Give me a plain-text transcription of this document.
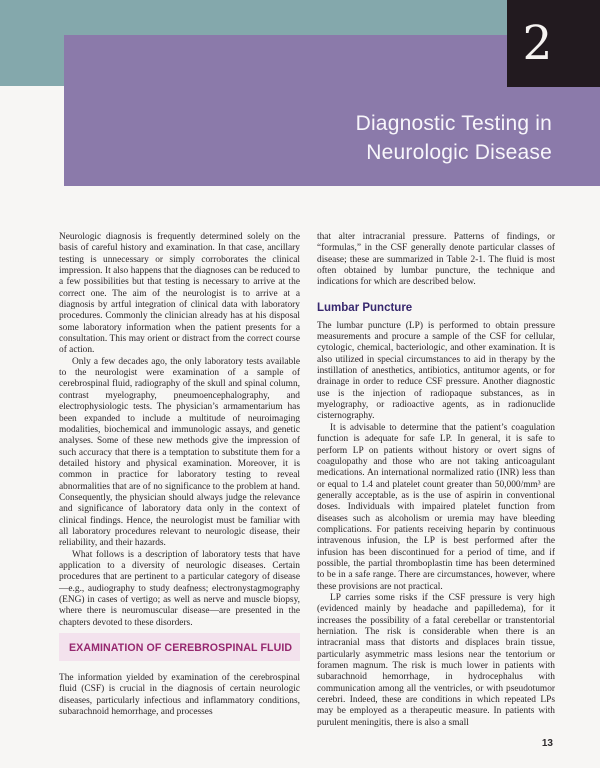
Diagnostic Testing in
Neurologic Disease
2

Neurologic diagnosis is frequently determined solely on the basis of careful history and examination. In that case, ancillary testing is unnecessary or simply corroborates the clinical impression. It also happens that the diagnoses can be reduced to a few possibilities but that testing is necessary to arrive at the correct one. The aim of the neurologist is to arrive at a diagnosis by artful integration of clinical data with laboratory procedures. Commonly the clinician already has at his disposal some laboratory information when the patient presents for a consultation. This may orient or distract from the correct course of action.

Only a few decades ago, the only laboratory tests available to the neurologist were examination of a sample of cerebrospinal fluid, radiography of the skull and spinal column, contrast myelography, pneumoencephalography, and electrophysiologic tests. The physician’s armamentarium has been expanded to include a multitude of neuroimaging modalities, biochemical and immunologic assays, and genetic analyses. Some of these new methods give the impression of such accuracy that there is a temptation to substitute them for a detailed history and physical examination. Moreover, it is common in practice for laboratory testing to reveal abnormalities that are of no significance to the problem at hand. Consequently, the physician should always judge the relevance and significance of laboratory data only in the context of clinical findings. Hence, the neurologist must be familiar with all laboratory procedures relevant to neurologic disease, their reliability, and their hazards.

What follows is a description of laboratory tests that have application to a diversity of neurologic diseases. Certain procedures that are pertinent to a particular category of disease—e.g., audiography to study deafness; electronystagmography (ENG) in cases of vertigo; as well as nerve and muscle biopsy, where there is neuromuscular disease—are presented in the chapters devoted to these disorders.

EXAMINATION OF CEREBROSPINAL FLUID

The information yielded by examination of the cerebrospinal fluid (CSF) is crucial in the diagnosis of certain neurologic diseases, particularly infectious and inflammatory conditions, subarachnoid hemorrhage, and processes

that alter intracranial pressure. Patterns of findings, or “formulas,” in the CSF generally denote particular classes of disease; these are summarized in Table 2-1. The fluid is most often obtained by lumbar puncture, the technique and indications for which are described below.

Lumbar Puncture

The lumbar puncture (LP) is performed to obtain pressure measurements and procure a sample of the CSF for cellular, cytologic, chemical, bacteriologic, and other examination. It is also utilized in special circumstances to aid in therapy by the instillation of anesthetics, antibiotics, antitumor agents, or for drainage in order to reduce CSF pressure. Another diagnostic use is the injection of radiopaque substances, as in myelography, or radioactive agents, as in radionuclide cisternography.

It is advisable to determine that the patient’s coagulation function is adequate for safe LP. In general, it is safe to perform LP on patients without history or overt signs of coagulopathy and those who are not taking anticoagulant medications. An international normalized ratio (INR) less than or equal to 1.4 and platelet count greater than 50,000/mm³ are generally acceptable, as is the use of aspirin in conventional doses. Individuals with impaired platelet function from diseases such as alcoholism or uremia may have bleeding complications. For patients receiving heparin by continuous intravenous infusion, the LP is best performed after the infusion has been discontinued for a period of time, and if possible, the partial thromboplastin time has been determined to be in a safe range. There are circumstances, however, where these provisions are not practical.

LP carries some risks if the CSF pressure is very high (evidenced mainly by headache and papilledema), for it increases the possibility of a fatal cerebellar or transtentorial herniation. The risk is considerable when there is an intracranial mass that distorts and displaces brain tissue, particularly asymmetric mass lesions near the tentorium or foramen magnum. The risk is much lower in patients with subarachnoid hemorrhage, in hydrocephalus with communication among all the ventricles, or with pseudotumor cerebri. Indeed, these are conditions in which repeated LPs may be employed as a therapeutic measure. In patients with purulent meningitis, there is also a small

13
